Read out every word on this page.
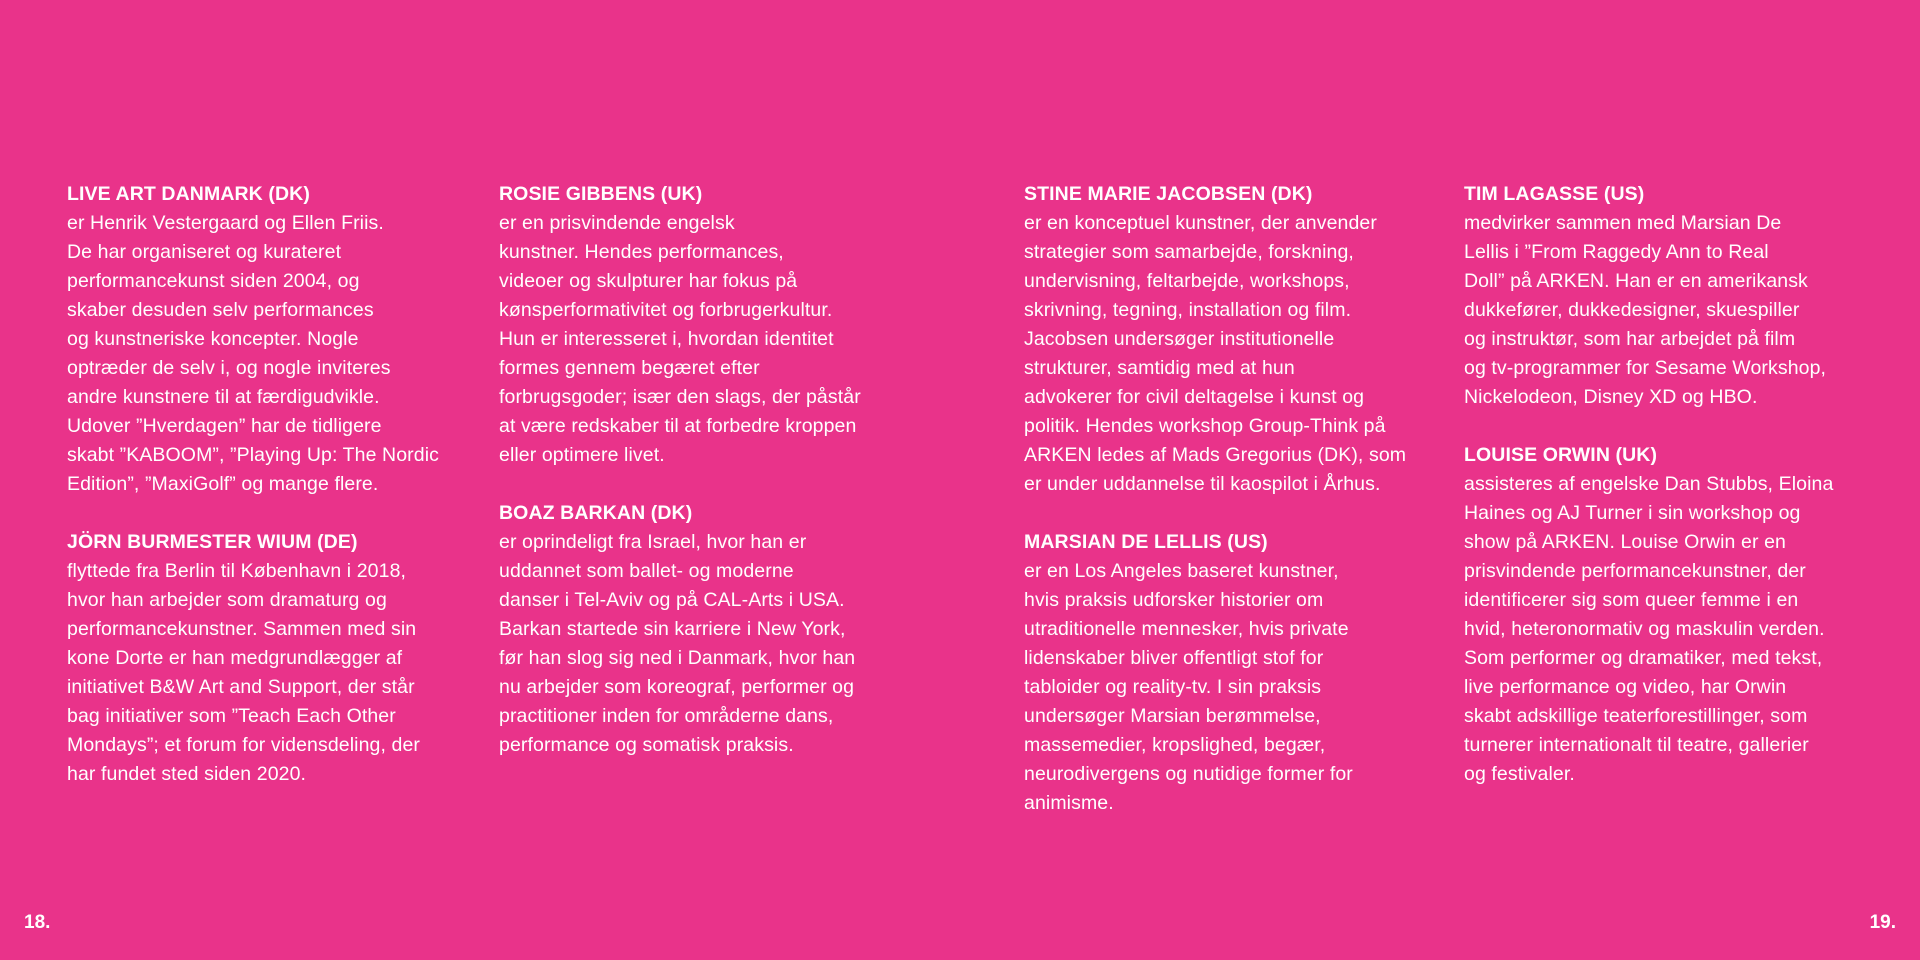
LIVE ART DANMARK (DK)
er Henrik Vestergaard og Ellen Friis.
De har organiseret og kurateret
performancekunst siden 2004, og
skaber desuden selv performances
og kunstneriske koncepter. Nogle
optræder de selv i, og nogle inviteres
andre kunstnere til at færdigudvikle.
Udover ”Hverdagen” har de tidligere
skabt ”KABOOM”, ”Playing Up: The Nordic
Edition”, ”MaxiGolf” og mange flere.
JÖRN BURMESTER WIUM (DE)
flyttede fra Berlin til København i 2018,
hvor han arbejder som dramaturg og
performancekunstner. Sammen med sin
kone Dorte er han medgrundlægger af
initiativet B&W Art and Support, der står
bag initiativer som ”Teach Each Other
Mondays”; et forum for vidensdeling, der
har fundet sted siden 2020.
ROSIE GIBBENS (UK)
er en prisvindende engelsk
kunstner. Hendes performances,
videoer og skulpturer har fokus på
kønsperformativitet og forbrugerkultur.
Hun er interesseret i, hvordan identitet
formes gennem begæret efter
forbrugsgoder; især den slags, der påstår
at være redskaber til at forbedre kroppen
eller optimere livet.
BOAZ BARKAN (DK)
er oprindeligt fra Israel, hvor han er
uddannet som ballet- og moderne
danser i Tel-Aviv og på CAL-Arts i USA.
Barkan startede sin karriere i New York,
før han slog sig ned i Danmark, hvor han
nu arbejder som koreograf, performer og
practitioner inden for områderne dans,
performance og somatisk praksis.
STINE MARIE JACOBSEN (DK)
er en konceptuel kunstner, der anvender
strategier som samarbejde, forskning,
undervisning, feltarbejde, workshops,
skrivning, tegning, installation og film.
Jacobsen undersøger institutionelle
strukturer, samtidig med at hun
advokerer for civil deltagelse i kunst og
politik. Hendes workshop Group-Think på
ARKEN ledes af Mads Gregorius (DK), som
er under uddannelse til kaospilot i Århus.
MARSIAN DE LELLIS (US)
er en Los Angeles baseret kunstner,
hvis praksis udforsker historier om
utraditionelle mennesker, hvis private
lidenskaber bliver offentligt stof for
tabloider og reality-tv. I sin praksis
undersøger Marsian berømmelse,
massemedier, kropslighed, begær,
neurodivergens og nutidige former for
animisme.
TIM LAGASSE (US)
medvirker sammen med Marsian De
Lellis i ”From Raggedy Ann to Real
Doll” på ARKEN. Han er en amerikansk
dukkefører, dukkedesigner, skuespiller
og instruktør, som har arbejdet på film
og tv-programmer for Sesame Workshop,
Nickelodeon, Disney XD og HBO.
LOUISE ORWIN (UK)
assisteres af engelske Dan Stubbs, Eloina
Haines og AJ Turner i sin workshop og
show på ARKEN. Louise Orwin er en
prisvindende performancekunstner, der
identificerer sig som queer femme i en
hvid, heteronormativ og maskulin verden.
Som performer og dramatiker, med tekst,
live performance og video, har Orwin
skabt adskillige teaterforestillinger, som
turnerer internationalt til teatre, gallerier
og festivaler.
18.	19.
